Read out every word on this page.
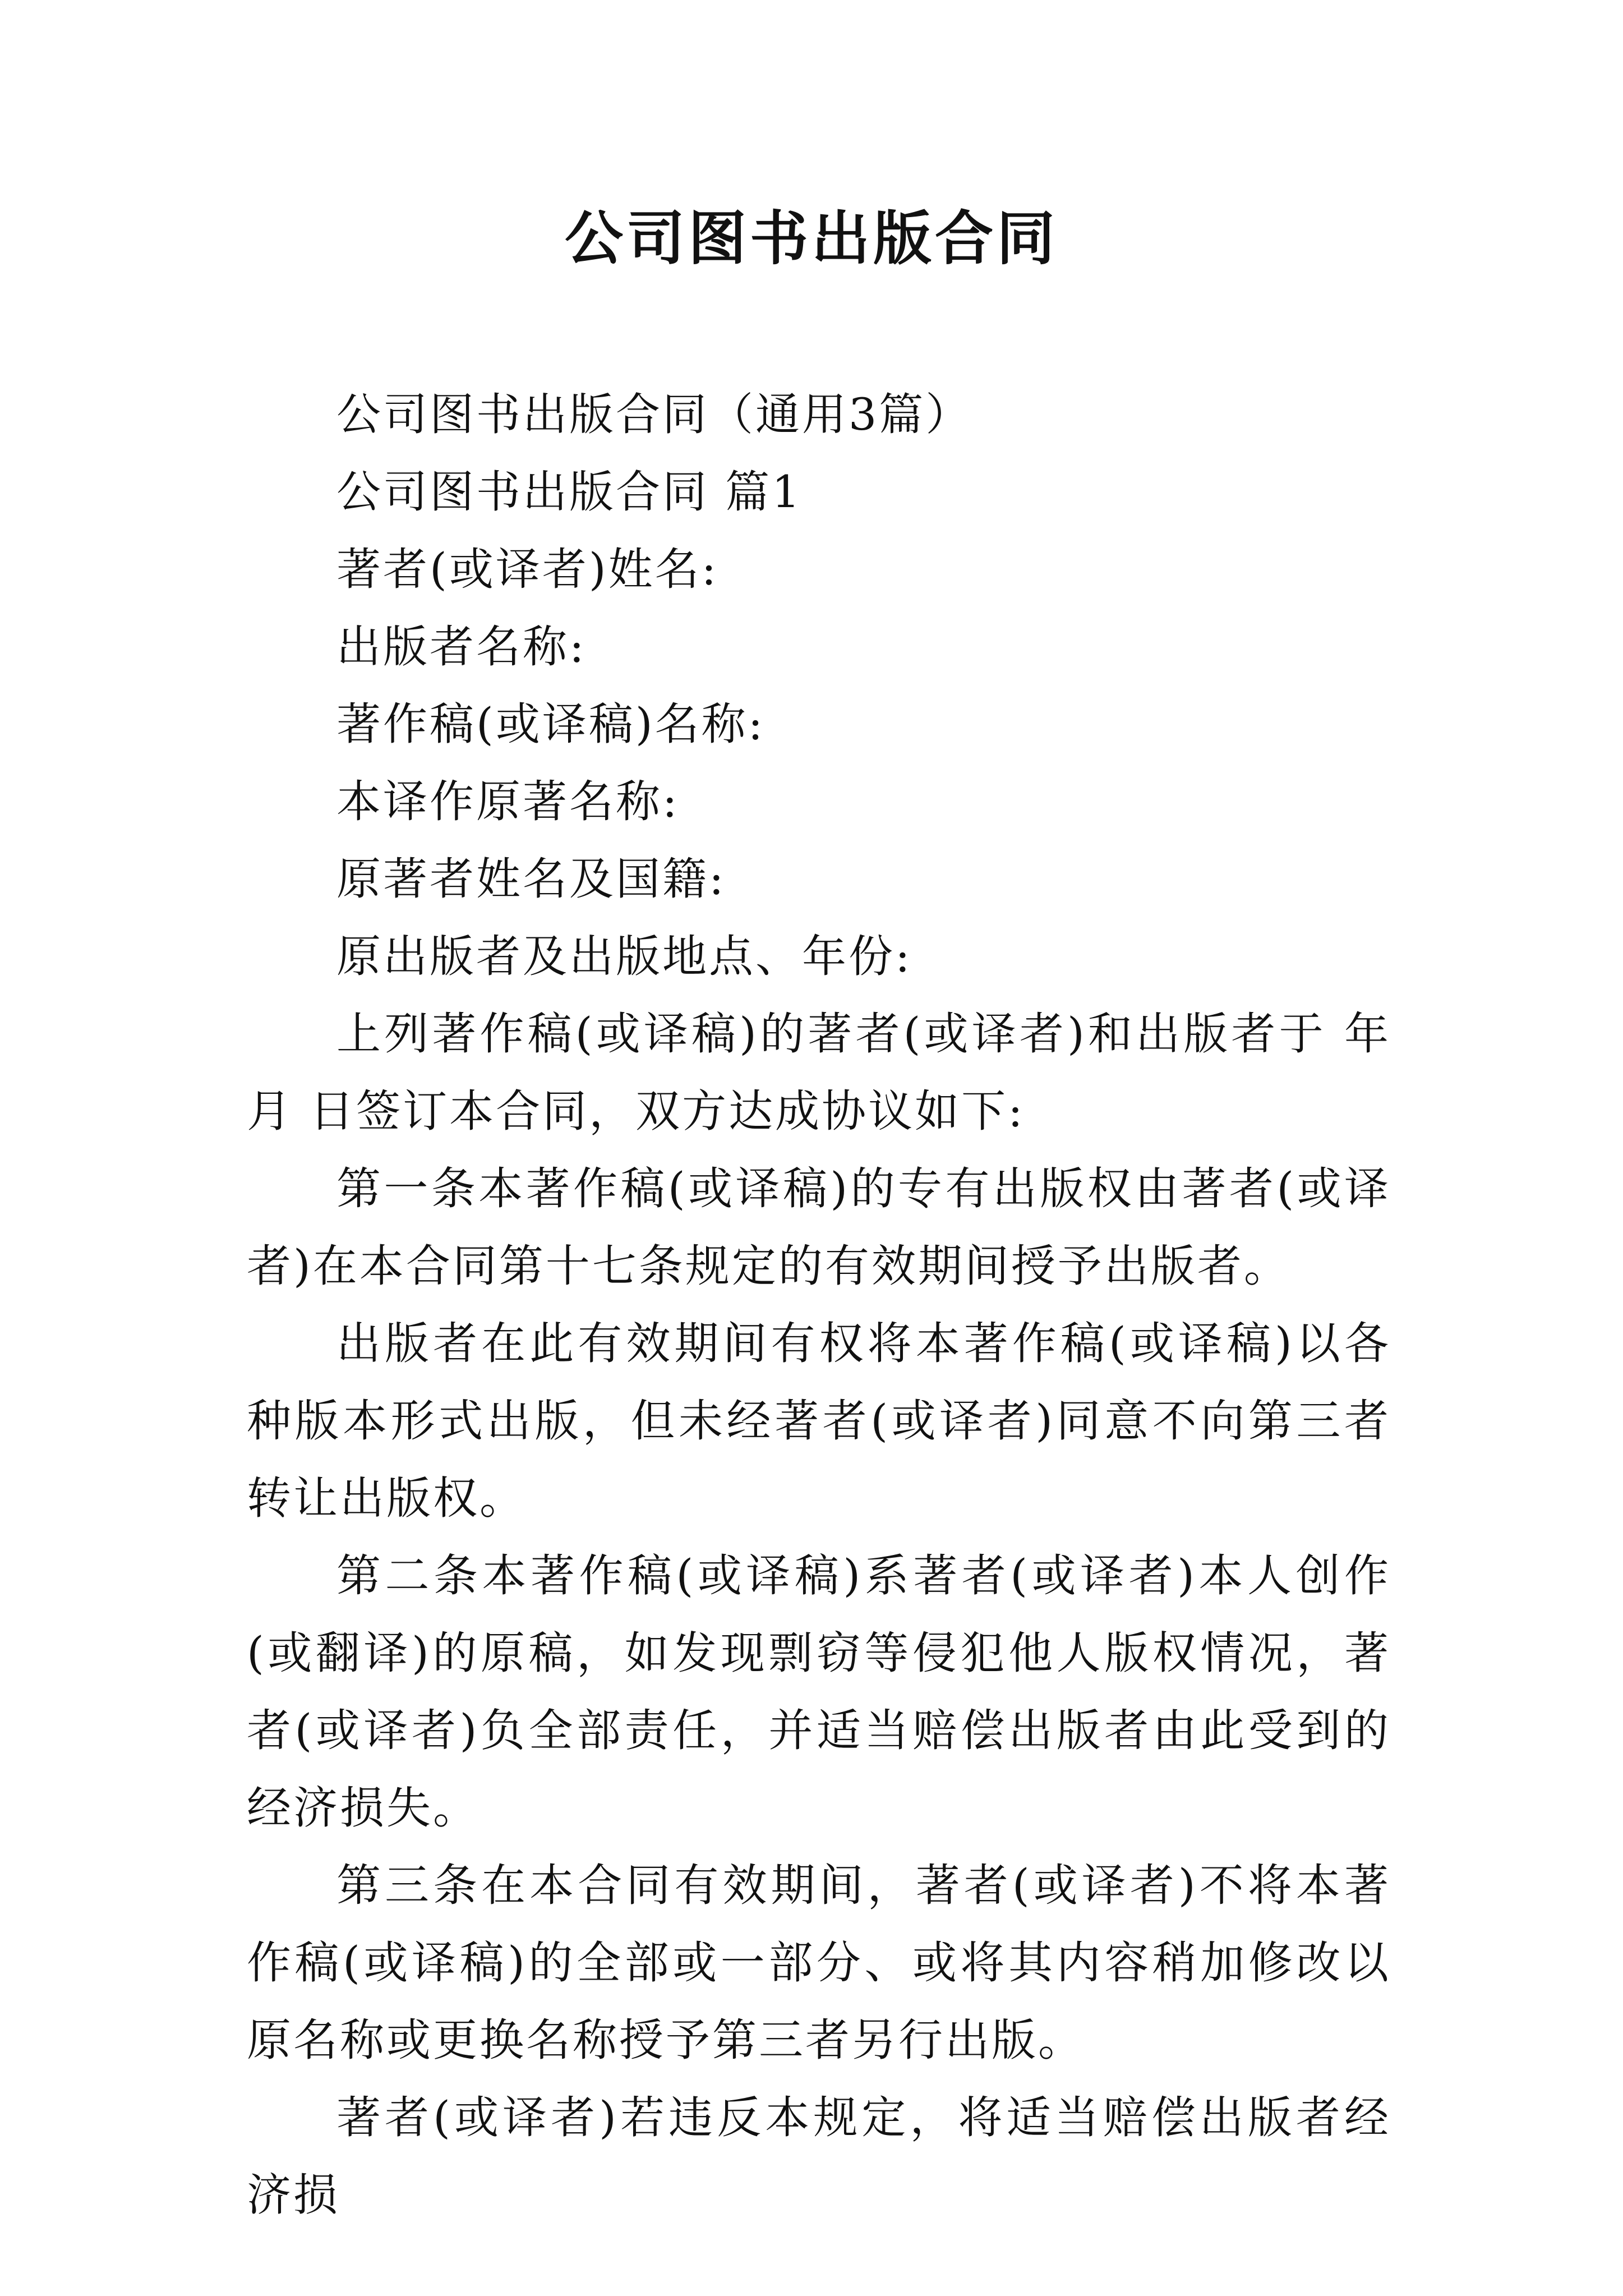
公司图书出版合同

公司图书出版合同（通用3篇）

公司图书出版合同 篇1

著者(或译者)姓名:

出版者名称:

著作稿(或译稿)名称:

本译作原著名称:

原著者姓名及国籍:

原出版者及出版地点、年份:

上列著作稿(或译稿)的著者(或译者)和出版者于 年 月 日签订本合同，双方达成协议如下:

第一条本著作稿(或译稿)的专有出版权由著者(或译者)在本合同第十七条规定的有效期间授予出版者。

出版者在此有效期间有权将本著作稿(或译稿)以各种版本形式出版，但未经著者(或译者)同意不向第三者转让出版权。

第二条本著作稿(或译稿)系著者(或译者)本人创作(或翻译)的原稿，如发现剽窃等侵犯他人版权情况，著者(或译者)负全部责任，并适当赔偿出版者由此受到的经济损失。

第三条在本合同有效期间，著者(或译者)不将本著作稿(或译稿)的全部或一部分、或将其内容稍加修改以原名称或更换名称授予第三者另行出版。

著者(或译者)若违反本规定，将适当赔偿出版者经济损
